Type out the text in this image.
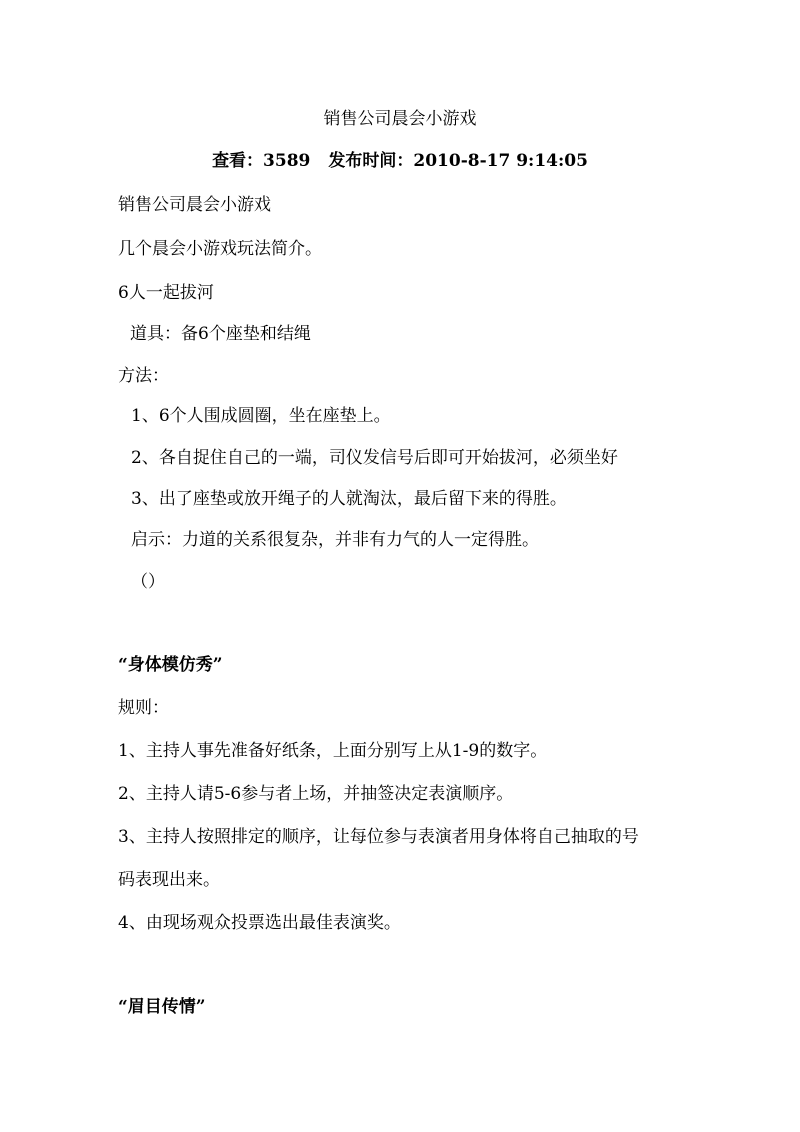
销售公司晨会小游戏
查看：3589 发布时间：2010-8-17 9:14:05
销售公司晨会小游戏
几个晨会小游戏玩法简介。
6人一起拔河
道具：备6个座垫和结绳
方法：
1、6个人围成圆圈，坐在座垫上。
2、各自捉住自己的一端，司仪发信号后即可开始拔河，必须坐好
3、出了座垫或放开绳子的人就淘汰，最后留下来的得胜。
启示：力道的关系很复杂，并非有力气的人一定得胜。
（）
“身体模仿秀”
规则：
1、主持人事先准备好纸条，上面分别写上从1-9的数字。
2、主持人请5-6参与者上场，并抽签决定表演顺序。
3、主持人按照排定的顺序，让每位参与表演者用身体将自己抽取的号
码表现出来。
4、由现场观众投票选出最佳表演奖。
“眉目传情”
